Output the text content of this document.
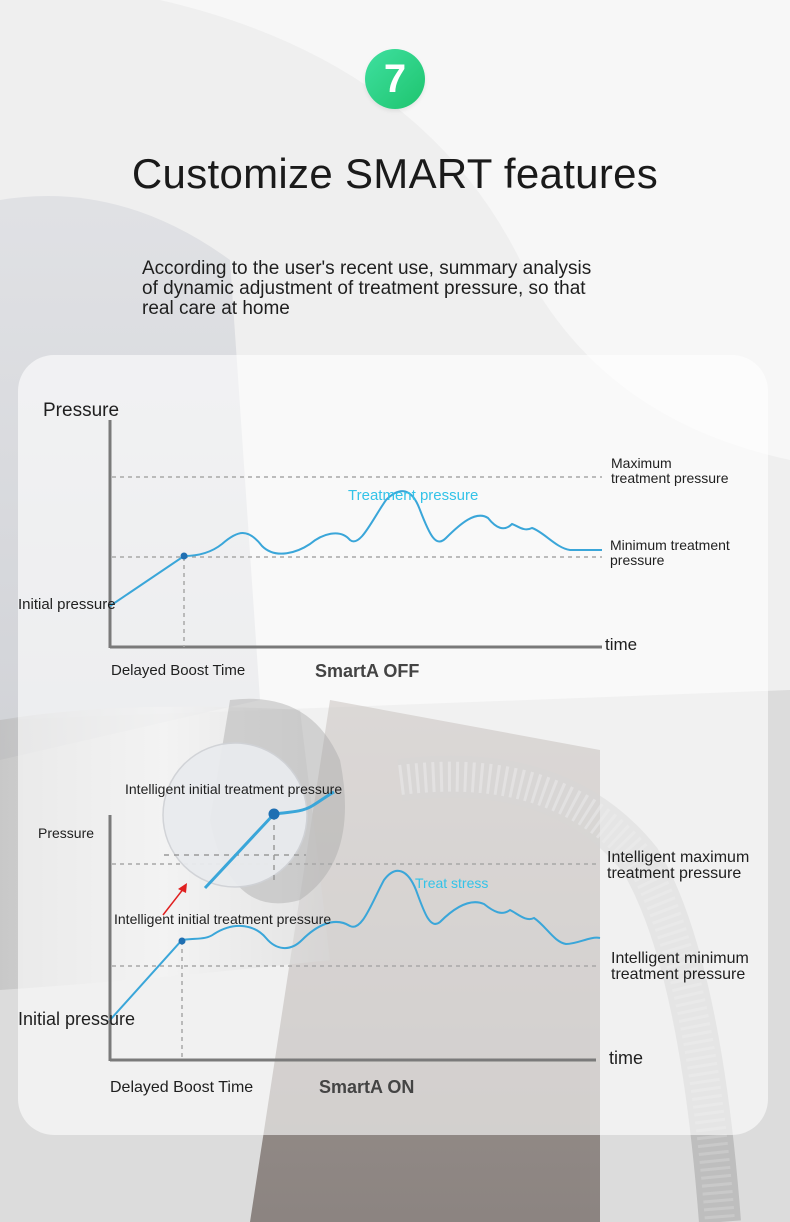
7
Customize SMART features
According to the user's recent use, summary analysis
of dynamic adjustment of treatment pressure, so that
real care at home
Pressure
time
Maximum treatment pressure
Minimum treatment pressure
Treatment pressure
Initial pressure
Delayed Boost Time	SmartA OFF
Pressure
time
Intelligent maximum treatment pressure
Intelligent minimum treatment pressure
Treat stress
Intelligent initial treatment pressure
Intelligent initial treatment pressure
Initial pressure
Delayed Boost Time	SmartA ON
